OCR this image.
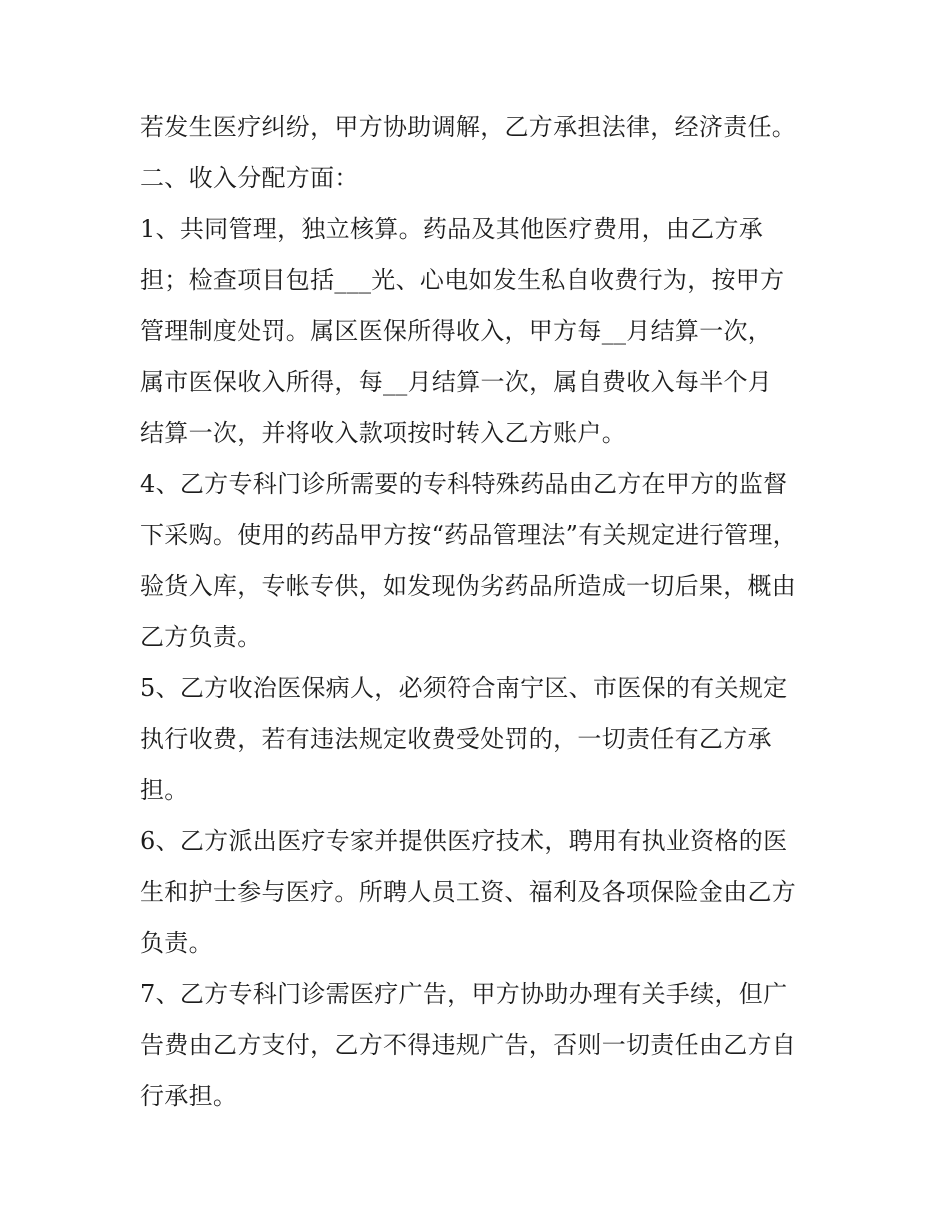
若发生医疗纠纷，甲方协助调解，乙方承担法律，经济责任。

二、收入分配方面：

1、共同管理，独立核算。药品及其他医疗费用，由乙方承
担；检查项目包括___光、心电如发生私自收费行为，按甲方
管理制度处罚。属区医保所得收入，甲方每__月结算一次，
属市医保收入所得，每__月结算一次，属自费收入每半个月
结算一次，并将收入款项按时转入乙方账户。

4、乙方专科门诊所需要的专科特殊药品由乙方在甲方的监督
下采购。使用的药品甲方按“药品管理法”有关规定进行管理，
验货入库，专帐专供，如发现伪劣药品所造成一切后果，概由
乙方负责。

5、乙方收治医保病人，必须符合南宁区、市医保的有关规定
执行收费，若有违法规定收费受处罚的，一切责任有乙方承
担。

6、乙方派出医疗专家并提供医疗技术，聘用有执业资格的医
生和护士参与医疗。所聘人员工资、福利及各项保险金由乙方
负责。

7、乙方专科门诊需医疗广告，甲方协助办理有关手续，但广
告费由乙方支付，乙方不得违规广告，否则一切责任由乙方自
行承担。
